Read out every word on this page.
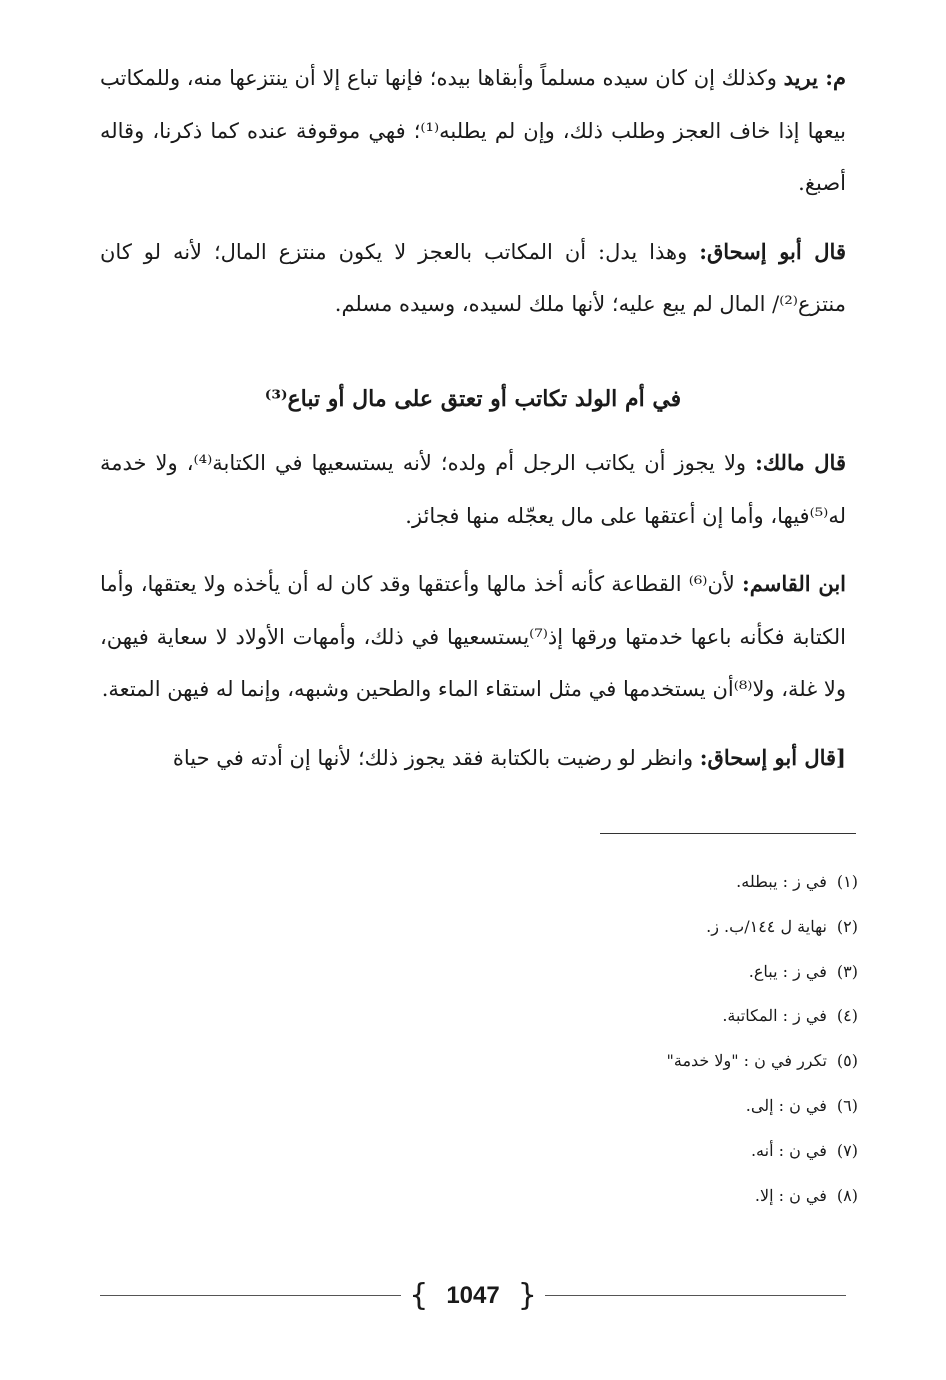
م: يريد وكذلك إن كان سيده مسلماً وأبقاها بيده؛ فإنها تباع إلا أن ينتزعها منه، وللمكاتب بيعها إذا خاف العجز وطلب ذلك، وإن لم يطلبه⁽¹⁾؛ فهي موقوفة عنده كما ذكرنا، وقاله أصبغ.

قال أبو إسحاق: وهذا يدل: أن المكاتب بالعجز لا يكون منتزع المال؛ لأنه لو كان منتزع⁽²⁾/ المال لم يبع عليه؛ لأنها ملك لسيده، وسيده مسلم.

في أم الولد تكاتب أو تعتق على مال أو تباع⁽³⁾

قال مالك: ولا يجوز أن يكاتب الرجل أم ولده؛ لأنه يستسعيها في الكتابة⁽⁴⁾، ولا خدمة له⁽⁵⁾فيها، وأما إن أعتقها على مال يعجّله منها فجائز.

ابن القاسم: لأن⁽⁶⁾ القطاعة كأنه أخذ مالها وأعتقها وقد كان له أن يأخذه ولا يعتقها، وأما الكتابة فكأنه باعها خدمتها ورقها إذ⁽⁷⁾يستسعيها في ذلك، وأمهات الأولاد لا سعاية فيهن، ولا غلة، ولا⁽⁸⁾أن يستخدمها في مثل استقاء الماء والطحين وشبهه، وإنما له فيهن المتعة.

[قال أبو إسحاق: وانظر لو رضيت بالكتابة فقد يجوز ذلك؛ لأنها إن أدته في حياة

(١)
في ز : يبطله.
(٢)
نهاية ل ١٤٤/ب. ز.
(٣)
في ز : يباع.
(٤)
في ز : المكاتبة.
(٥)
تكرر في ن : "ولا خدمة"
(٦)
في ن : إلى.
(٧)
في ن : أنه.
(٨)
في ن : إلا.
{ 1047 }
